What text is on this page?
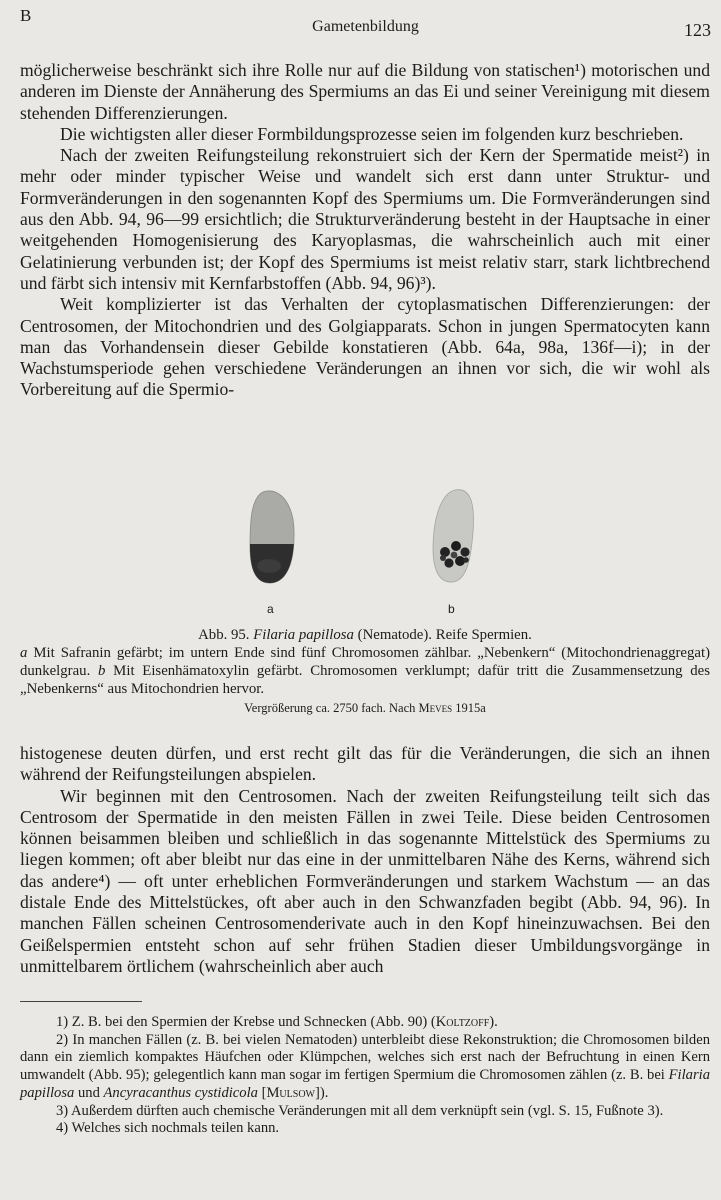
B
Gametenbildung	123

möglicherweise beschränkt sich ihre Rolle nur auf die Bildung von statischen¹) motorischen und anderen im Dienste der Annäherung des Spermiums an das Ei und seiner Vereinigung mit diesem stehenden Differenzierungen.

Die wichtigsten aller dieser Formbildungsprozesse seien im folgenden kurz beschrieben.

Nach der zweiten Reifungsteilung rekonstruiert sich der Kern der Spermatide meist²) in mehr oder minder typischer Weise und wandelt sich erst dann unter Struktur- und Formveränderungen in den sogenannten Kopf des Spermiums um. Die Formveränderungen sind aus den Abb. 94, 96—99 ersichtlich; die Strukturveränderung besteht in der Hauptsache in einer weitgehenden Homogenisierung des Karyoplasmas, die wahrscheinlich auch mit einer Gelatinierung verbunden ist; der Kopf des Spermiums ist meist relativ starr, stark lichtbrechend und färbt sich intensiv mit Kernfarbstoffen (Abb. 94, 96)³).

Weit komplizierter ist das Verhalten der cytoplasmatischen Differenzierungen: der Centrosomen, der Mitochondrien und des Golgiapparats. Schon in jungen Spermatocyten kann man das Vorhandensein dieser Gebilde konstatieren (Abb. 64a, 98a, 136f—i); in der Wachstumsperiode gehen verschiedene Veränderungen an ihnen vor sich, die wir wohl als Vorbereitung auf die Spermio-

a	b
Abb. 95. Filaria papillosa (Nematode). Reife Spermien.
a Mit Safranin gefärbt; im untern Ende sind fünf Chromosomen zählbar. „Nebenkern“ (Mitochondrienaggregat) dunkelgrau. b Mit Eisenhämatoxylin gefärbt. Chromosomen verklumpt; dafür tritt die Zusammensetzung des „Nebenkerns“ aus Mitochondrien hervor.
Vergrößerung ca. 2750 fach. Nach Meves 1915a

histogenese deuten dürfen, und erst recht gilt das für die Veränderungen, die sich an ihnen während der Reifungsteilungen abspielen.

Wir beginnen mit den Centrosomen. Nach der zweiten Reifungsteilung teilt sich das Centrosom der Spermatide in den meisten Fällen in zwei Teile. Diese beiden Centrosomen können beisammen bleiben und schließlich in das sogenannte Mittelstück des Spermiums zu liegen kommen; oft aber bleibt nur das eine in der unmittelbaren Nähe des Kerns, während sich das andere⁴) — oft unter erheblichen Formveränderungen und starkem Wachstum — an das distale Ende des Mittelstückes, oft aber auch in den Schwanzfaden begibt (Abb. 94, 96). In manchen Fällen scheinen Centrosomenderivate auch in den Kopf hineinzuwachsen. Bei den Geißelspermien entsteht schon auf sehr frühen Stadien dieser Umbildungsvorgänge in unmittelbarem örtlichem (wahrscheinlich aber auch

1) Z. B. bei den Spermien der Krebse und Schnecken (Abb. 90) (Koltzoff).

2) In manchen Fällen (z. B. bei vielen Nematoden) unterbleibt diese Rekonstruktion; die Chromosomen bilden dann ein ziemlich kompaktes Häufchen oder Klümpchen, welches sich erst nach der Befruchtung in einen Kern umwandelt (Abb. 95); gelegentlich kann man sogar im fertigen Spermium die Chromosomen zählen (z. B. bei Filaria papillosa und Ancyracanthus cystidicola [Mulsow]).

3) Außerdem dürften auch chemische Veränderungen mit all dem verknüpft sein (vgl. S. 15, Fußnote 3).

4) Welches sich nochmals teilen kann.
